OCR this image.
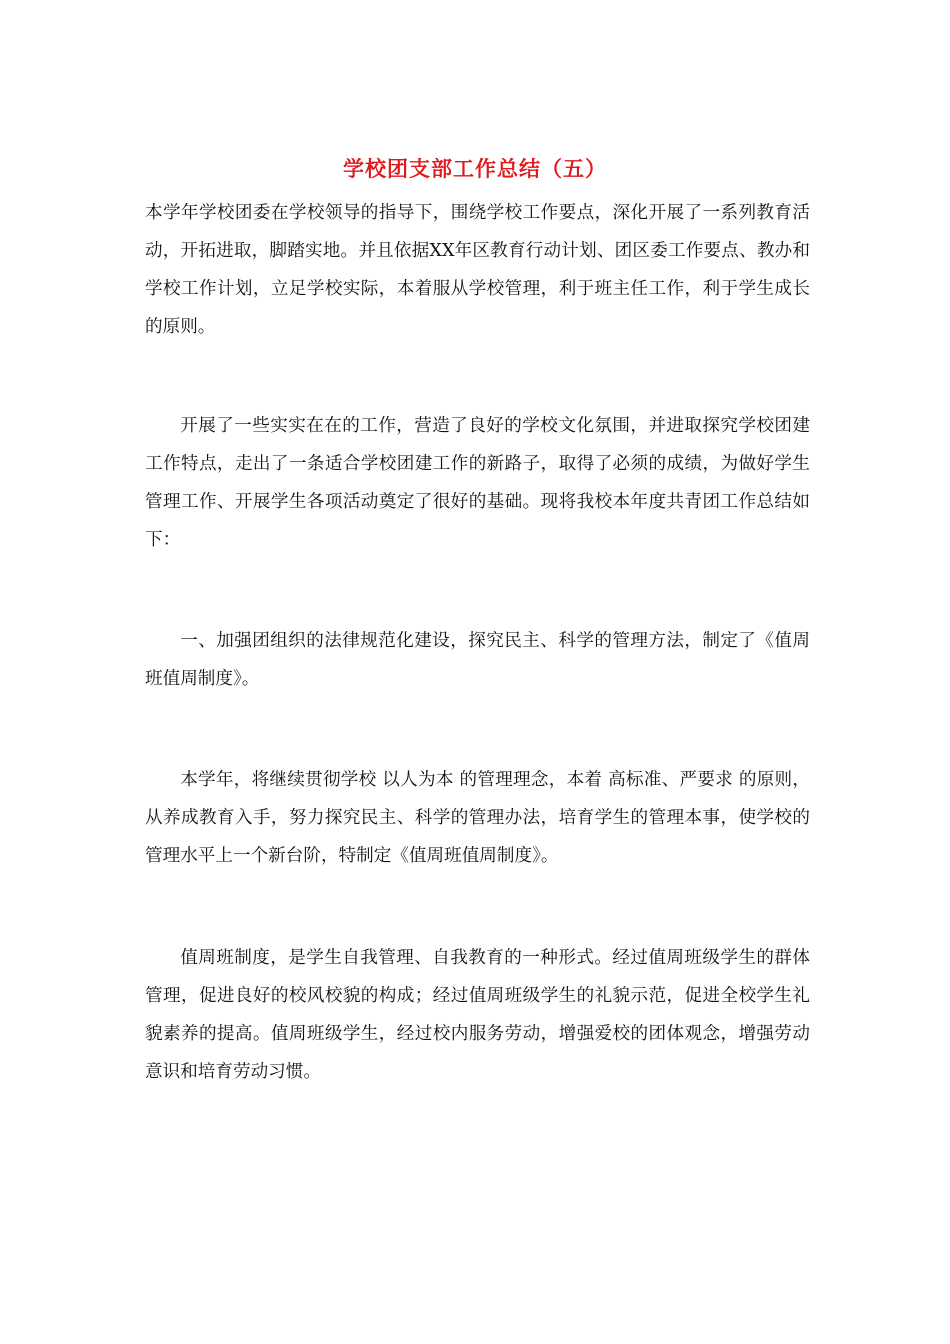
学校团支部工作总结（五）

本学年学校团委在学校领导的指导下，围绕学校工作要点，深化开展了一系列教育活动，开拓进取，脚踏实地。并且依据XX年区教育行动计划、团区委工作要点、教办和学校工作计划，立足学校实际，本着服从学校管理，利于班主任工作，利于学生成长的原则。

开展了一些实实在在的工作，营造了良好的学校文化氛围，并进取探究学校团建工作特点，走出了一条适合学校团建工作的新路子，取得了必须的成绩，为做好学生管理工作、开展学生各项活动奠定了很好的基础。现将我校本年度共青团工作总结如下：

一、加强团组织的法律规范化建设，探究民主、科学的管理方法，制定了《值周班值周制度》。

本学年，将继续贯彻学校 以人为本 的管理理念，本着 高标准、严要求 的原则，从养成教育入手，努力探究民主、科学的管理办法，培育学生的管理本事，使学校的管理水平上一个新台阶，特制定《值周班值周制度》。

值周班制度，是学生自我管理、自我教育的一种形式。经过值周班级学生的群体管理，促进良好的校风校貌的构成；经过值周班级学生的礼貌示范，促进全校学生礼貌素养的提高。值周班级学生，经过校内服务劳动，增强爱校的团体观念，增强劳动意识和培育劳动习惯。
